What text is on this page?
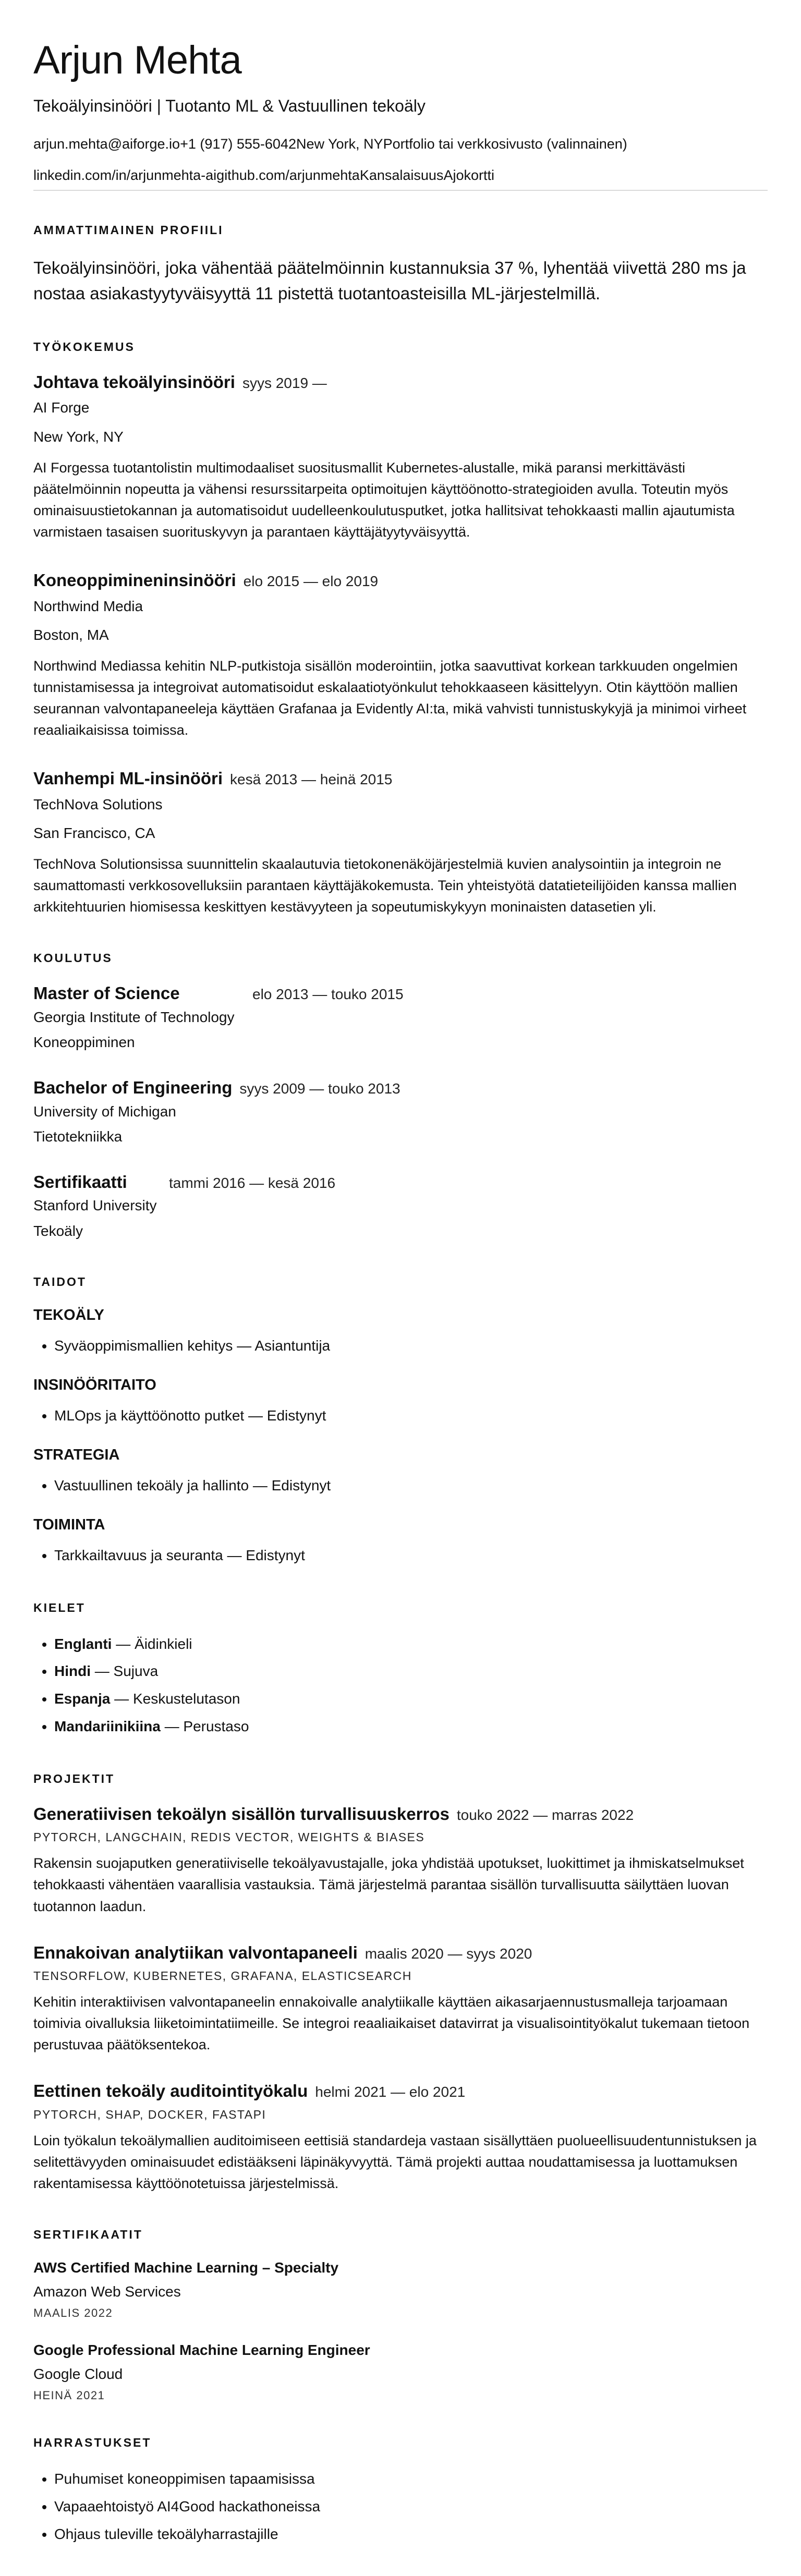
Arjun Mehta
Tekoälyinsinööri | Tuotanto ML & Vastuullinen tekoäly
arjun.mehta@aiforge.io +1 (917) 555-6042 New York, NY Portfolio tai verkkosivusto (valinnainen)
linkedin.com/in/arjunmehta-ai github.com/arjunmehta Kansalaisuus Ajokortti
AMMATTIMAINEN PROFIILI

Tekoälyinsinööri, joka vähentää päätelmöinnin kustannuksia 37 %, lyhentää viivettä 280 ms ja nostaa asiakastyytyväisyyttä 11 pistettä tuotantoasteisilla ML-järjestelmillä.

TYÖKOKEMUS
Johtava tekoälyinsinööri syys 2019 —

AI Forge

New York, NY

AI Forgessa tuotantolistin multimodaaliset suositusmallit Kubernetes-alustalle, mikä paransi merkittävästi päätelmöinnin nopeutta ja vähensi resurssitarpeita optimoitujen käyttöönotto-strategioiden avulla. Toteutin myös ominaisuustietokannan ja automatisoidut uudelleenkoulutusputket, jotka hallitsivat tehokkaasti mallin ajautumista varmistaen tasaisen suorituskyvyn ja parantaen käyttäjätyytyväisyyttä.

Koneoppimineninsinööri elo 2015 — elo 2019

Northwind Media

Boston, MA

Northwind Mediassa kehitin NLP-putkistoja sisällön moderointiin, jotka saavuttivat korkean tarkkuuden ongelmien tunnistamisessa ja integroivat automatisoidut eskalaatiotyönkulut tehokkaaseen käsittelyyn. Otin käyttöön mallien seurannan valvontapaneeleja käyttäen Grafanaa ja Evidently AI:ta, mikä vahvisti tunnistuskykyjä ja minimoi virheet reaaliaikaisissa toimissa.

Vanhempi ML-insinööri kesä 2013 — heinä 2015

TechNova Solutions

San Francisco, CA

TechNova Solutionsissa suunnittelin skaalautuvia tietokonenäköjärjestelmiä kuvien analysointiin ja integroin ne saumattomasti verkkosovelluksiin parantaen käyttäjäkokemusta. Tein yhteistyötä datatieteilijöiden kanssa mallien arkkitehtuurien hiomisessa keskittyen kestävyyteen ja sopeutumiskykyyn moninaisten datasetien yli.

KOULUTUS
Master of Science	elo 2013 — touko 2015

Georgia Institute of Technology

Koneoppiminen

Bachelor of Engineering syys 2009 — touko 2013

University of Michigan

Tietotekniikka

Sertifikaatti	tammi 2016 — kesä 2016

Stanford University

Tekoäly

TAIDOT
TEKOÄLY
• Syväoppimismallien kehitys — Asiantuntija
INSINÖÖRITAITO
• MLOps ja käyttöönotto putket — Edistynyt
STRATEGIA
• Vastuullinen tekoäly ja hallinto — Edistynyt
TOIMINTA
• Tarkkailtavuus ja seuranta — Edistynyt
KIELET
• Englanti — Äidinkieli
• Hindi — Sujuva
• Espanja — Keskustelutason
• Mandariinikiina — Perustaso
PROJEKTIT
Generatiivisen tekoälyn sisällön turvallisuuskerros touko 2022 — marras 2022

PYTORCH, LANGCHAIN, REDIS VECTOR, WEIGHTS & BIASES

Rakensin suojaputken generatiiviselle tekoälyavustajalle, joka yhdistää upotukset, luokittimet ja ihmiskatselmukset tehokkaasti vähentäen vaarallisia vastauksia. Tämä järjestelmä parantaa sisällön turvallisuutta säilyttäen luovan tuotannon laadun.

Ennakoivan analytiikan valvontapaneeli maalis 2020 — syys 2020

TENSORFLOW, KUBERNETES, GRAFANA, ELASTICSEARCH

Kehitin interaktiivisen valvontapaneelin ennakoivalle analytiikalle käyttäen aikasarjaennustusmalleja tarjoamaan toimivia oivalluksia liiketoimintatiimeille. Se integroi reaaliaikaiset datavirrat ja visualisointityökalut tukemaan tietoon perustuvaa päätöksentekoa.

Eettinen tekoäly auditointityökalu helmi 2021 — elo 2021

PYTORCH, SHAP, DOCKER, FASTAPI

Loin työkalun tekoälymallien auditoimiseen eettisiä standardeja vastaan sisällyttäen puolueellisuudentunnistuksen ja selitettävyyden ominaisuudet edistääkseni läpinäkyvyyttä. Tämä projekti auttaa noudattamisessa ja luottamuksen rakentamisessa käyttöönotetuissa järjestelmissä.

SERTIFIKAATIT

AWS Certified Machine Learning – Specialty

Amazon Web Services

MAALIS 2022

Google Professional Machine Learning Engineer

Google Cloud

HEINÄ 2021

HARRASTUKSET
• Puhumiset koneoppimisen tapaamisissa
• Vapaaehtoistyö AI4Good hackathoneissa
• Ohjaus tuleville tekoälyharrastajille
